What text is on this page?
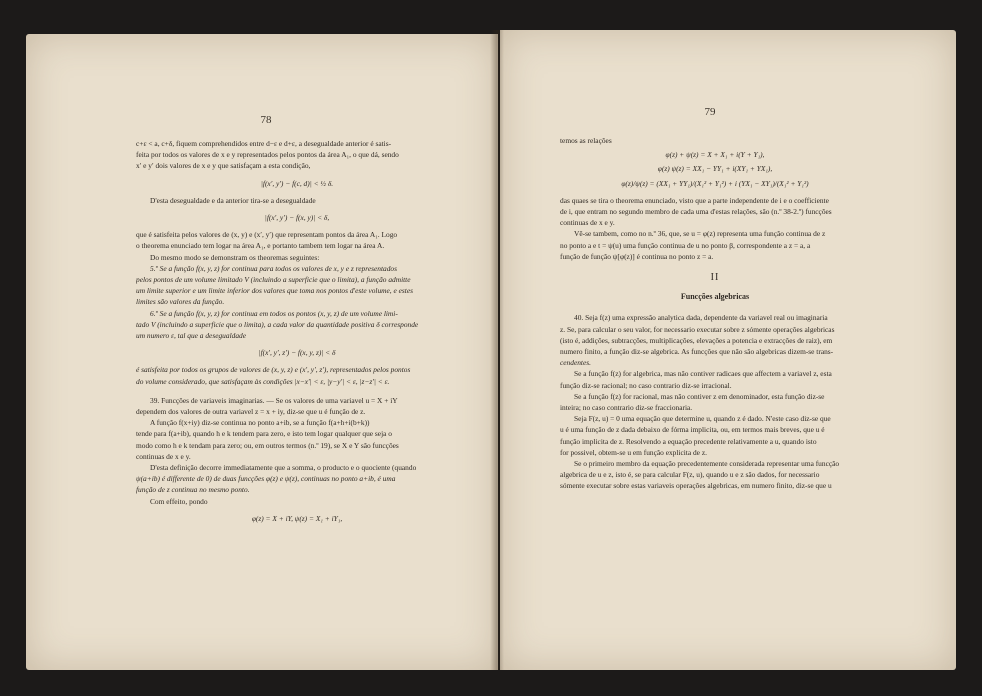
78
c+ε < a, c+δ, fiquem comprehendidos entre d−ε e d+ε, a desegualdade anterior é satis-
feita por todos os valores de x e y representados pelos pontos da área A₁, o que dá, sendo
x′ e y′ dois valores de x e y que satisfaçam a esta condição,
|f(x′, y′) − f(c, d)| < ½ δ.
D'esta desegualdade e da anterior tira-se a desegualdade
|f(x′, y′) − f(x, y)| < δ,
que é satisfeita pelos valores de (x, y) e (x′, y′) que representam pontos da área A₁. Logo
o theorema enunciado tem logar na área A₁, e portanto tambem tem logar na área A.
Do mesmo modo se demonstram os theoremas seguintes:
5.º Se a função f(x, y, z) for continua para todos os valores de x, y e z representados
pelos pontos de um volume limitado V (incluindo a superficie que o limita), a função admitte
um limite superior e um limite inferior dos valores que toma nos pontos d'este volume, e estes
limites são valores da função.
6.º Se a função f(x, y, z) for continua em todos os pontos (x, y, z) de um volume limi-
tado V (incluindo a superficie que o limita), a cada valor da quantidade positiva δ corresponde
um numero ε, tal que a desegualdade
|f(x′, y′, z′) − f(x, y, z)| < δ
é satisfeita por todos os grupos de valores de (x, y, z) e (x′, y′, z′), representados pelos pontos
do volume considerado, que satisfaçam às condições |x−x′| < ε, |y−y′| < ε, |z−z′| < ε.
39. Funcções de variaveis imaginarias. — Se os valores de uma variavel u = X + iY
dependem dos valores de outra variavel z = x + iy, diz-se que u é função de z.
A função f(x+iy) diz-se continua no ponto a+ib, se a função f(a+h+i(b+k))
tende para f(a+ib), quando h e k tendem para zero, e isto tem logar qualquer que seja o
modo como h e k tendam para zero; ou, em outros termos (n.º 19), se X e Y são funcções
continuas de x e y.
D'esta definição decorre immediatamente que a somma, o producto e o quociente (quando
ψ(a+ib) é differente de 0) de duas funcções φ(z) e ψ(z), continuas no ponto a+ib, é uma
função de z continua no mesmo ponto.
Com effeito, pondo
φ(z) = X + iY, ψ(z) = X₁ + iY₁,
79
temos as relações
φ(z) + ψ(z) = X + X₁ + i(Y + Y₁),
φ(z) ψ(z) = XX₁ − YY₁ + i(XY₁ + YX₁),
φ(z)/ψ(z) = (XX₁ + YY₁)/(X₁² + Y₁²) + i (YX₁ − XY₁)/(X₁² + Y₁²)
das quaes se tira o theorema enunciado, visto que a parte independente de i e o coefficiente
de i, que entram no segundo membro de cada uma d'estas relações, são (n.º 38-2.º) funcções
continuas de x e y.
Vê-se tambem, como no n.º 36, que, se u = φ(z) representa uma função continua de z
no ponto a e t = ψ(u) uma função continua de u no ponto β, correspondente a z = a, a
função de função ψ[φ(z)] é continua no ponto z = a.
II
Funcções algebricas
40. Seja f(z) uma expressão analytica dada, dependente da variavel real ou imaginaria
z. Se, para calcular o seu valor, for necessario executar sobre z sómente operações algebricas
(isto é, addições, subtracções, multiplicações, elevações a potencia e extracções de raiz), em
numero finito, a função diz-se algebrica. As funcções que não são algebricas dizem-se trans-
cendentes.
Se a função f(z) for algebrica, mas não contiver radicaes que affectem a variavel z, esta
função diz-se racional; no caso contrario diz-se irracional.
Se a função f(z) for racional, mas não contiver z em denominador, esta função diz-se
inteira; no caso contrario diz-se fraccionaria.
Seja F(z, u) = 0 uma equação que determine u, quando z é dado. N'este caso diz-se que
u é uma função de z dada debaixo de fórma implicita, ou, em termos mais breves, que u é
função implicita de z. Resolvendo a equação precedente relativamente a u, quando isto
for possivel, obtem-se u em função explicita de z.
Se o primeiro membro da equação precedentemente considerada representar uma funcção
algebrica de u e z, isto é, se para calcular F(z, u), quando u e z são dados, for necessario
sómente executar sobre estas variaveis operações algebricas, em numero finito, diz-se que u
